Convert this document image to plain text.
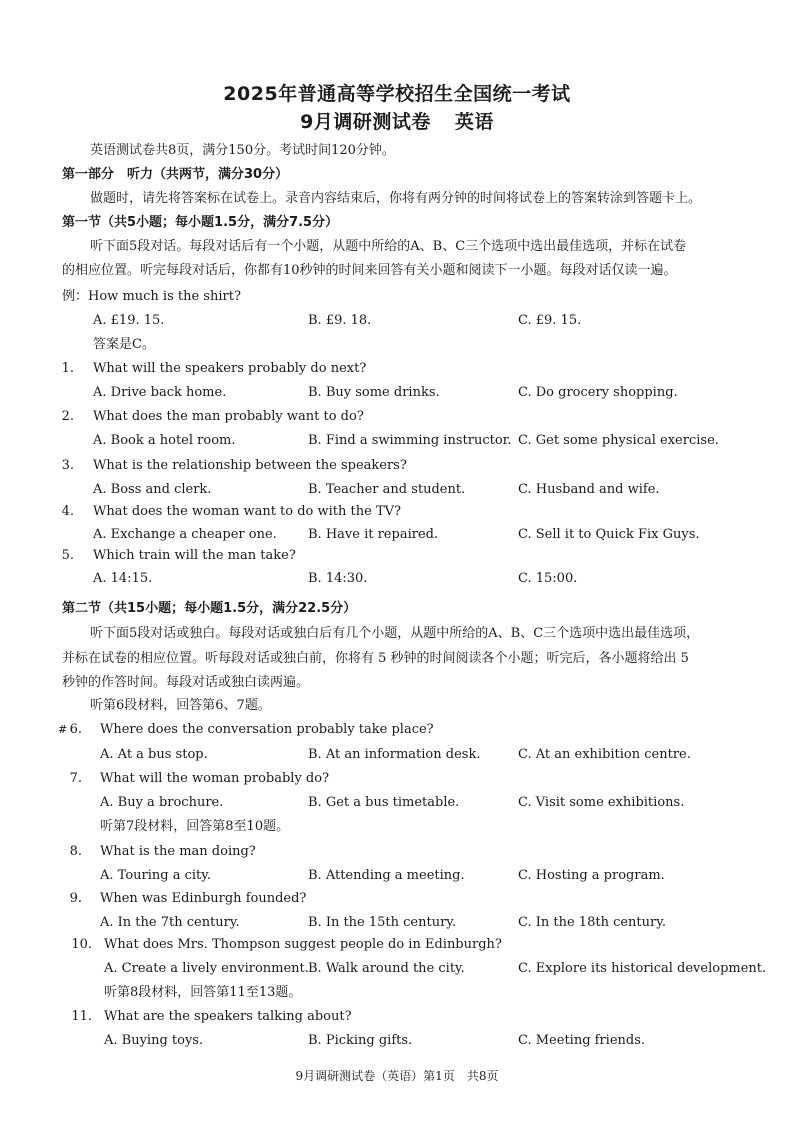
2025年普通高等学校招生全国统一考试
9月调研测试卷 英语
英语测试卷共8页，满分150分。考试时间120分钟。
第一部分　听力（共两节，满分30分）
做题时，请先将答案标在试卷上。录音内容结束后，你将有两分钟的时间将试卷上的答案转涂到答题卡上。
第一节（共5小题；每小题1.5分，满分7.5分）
听下面5段对话。每段对话后有一个小题，从题中所给的A、B、C三个选项中选出最佳选项，并标在试卷
的相应位置。听完每段对话后，你都有10秒钟的时间来回答有关小题和阅读下一小题。每段对话仅读一遍。
例：How much is the shirt?
A. £19. 15.	B. £9. 18.	C. £9. 15.
答案是C。
1. What will the speakers probably do next?
A. Drive back home.	B. Buy some drinks.	C. Do grocery shopping.
2. What does the man probably want to do?
A. Book a hotel room.	B. Find a swimming instructor. C. Get some physical exercise.
3. What is the relationship between the speakers?
A. Boss and clerk.	B. Teacher and student.	C. Husband and wife.
4. What does the woman want to do with the TV?
A. Exchange a cheaper one. B. Have it repaired.	C. Sell it to Quick Fix Guys.
5. Which train will the man take?
A. 14:15.	B. 14:30.	C. 15:00.
第二节（共15小题；每小题1.5分，满分22.5分）
听下面5段对话或独白。每段对话或独白后有几个小题，从题中所给的A、B、C三个选项中选出最佳选项，
并标在试卷的相应位置。听每段对话或独白前，你将有 5 秒钟的时间阅读各个小题；听完后，各小题将给出 5
秒钟的作答时间。每段对话或独白读两遍。
听第6段材料，回答第6、7题。
# 6. Where does the conversation probably take place?
A. At a bus stop.	B. At an information desk.	C. At an exhibition centre.
7. What will the woman probably do?
A. Buy a brochure.	B. Get a bus timetable.	C. Visit some exhibitions.
听第7段材料，回答第8至10题。
8. What is the man doing?
A. Touring a city.	B. Attending a meeting.	C. Hosting a program.
9. When was Edinburgh founded?
A. In the 7th century.	B. In the 15th century.	C. In the 18th century.
10. What does Mrs. Thompson suggest people do in Edinburgh?
A. Create a lively environment. B. Walk around the city.	C. Explore its historical development.
听第8段材料，回答第11至13题。
11. What are the speakers talking about?
A. Buying toys.	B. Picking gifts.	C. Meeting friends.
9月调研测试卷（英语）第1页　共8页
